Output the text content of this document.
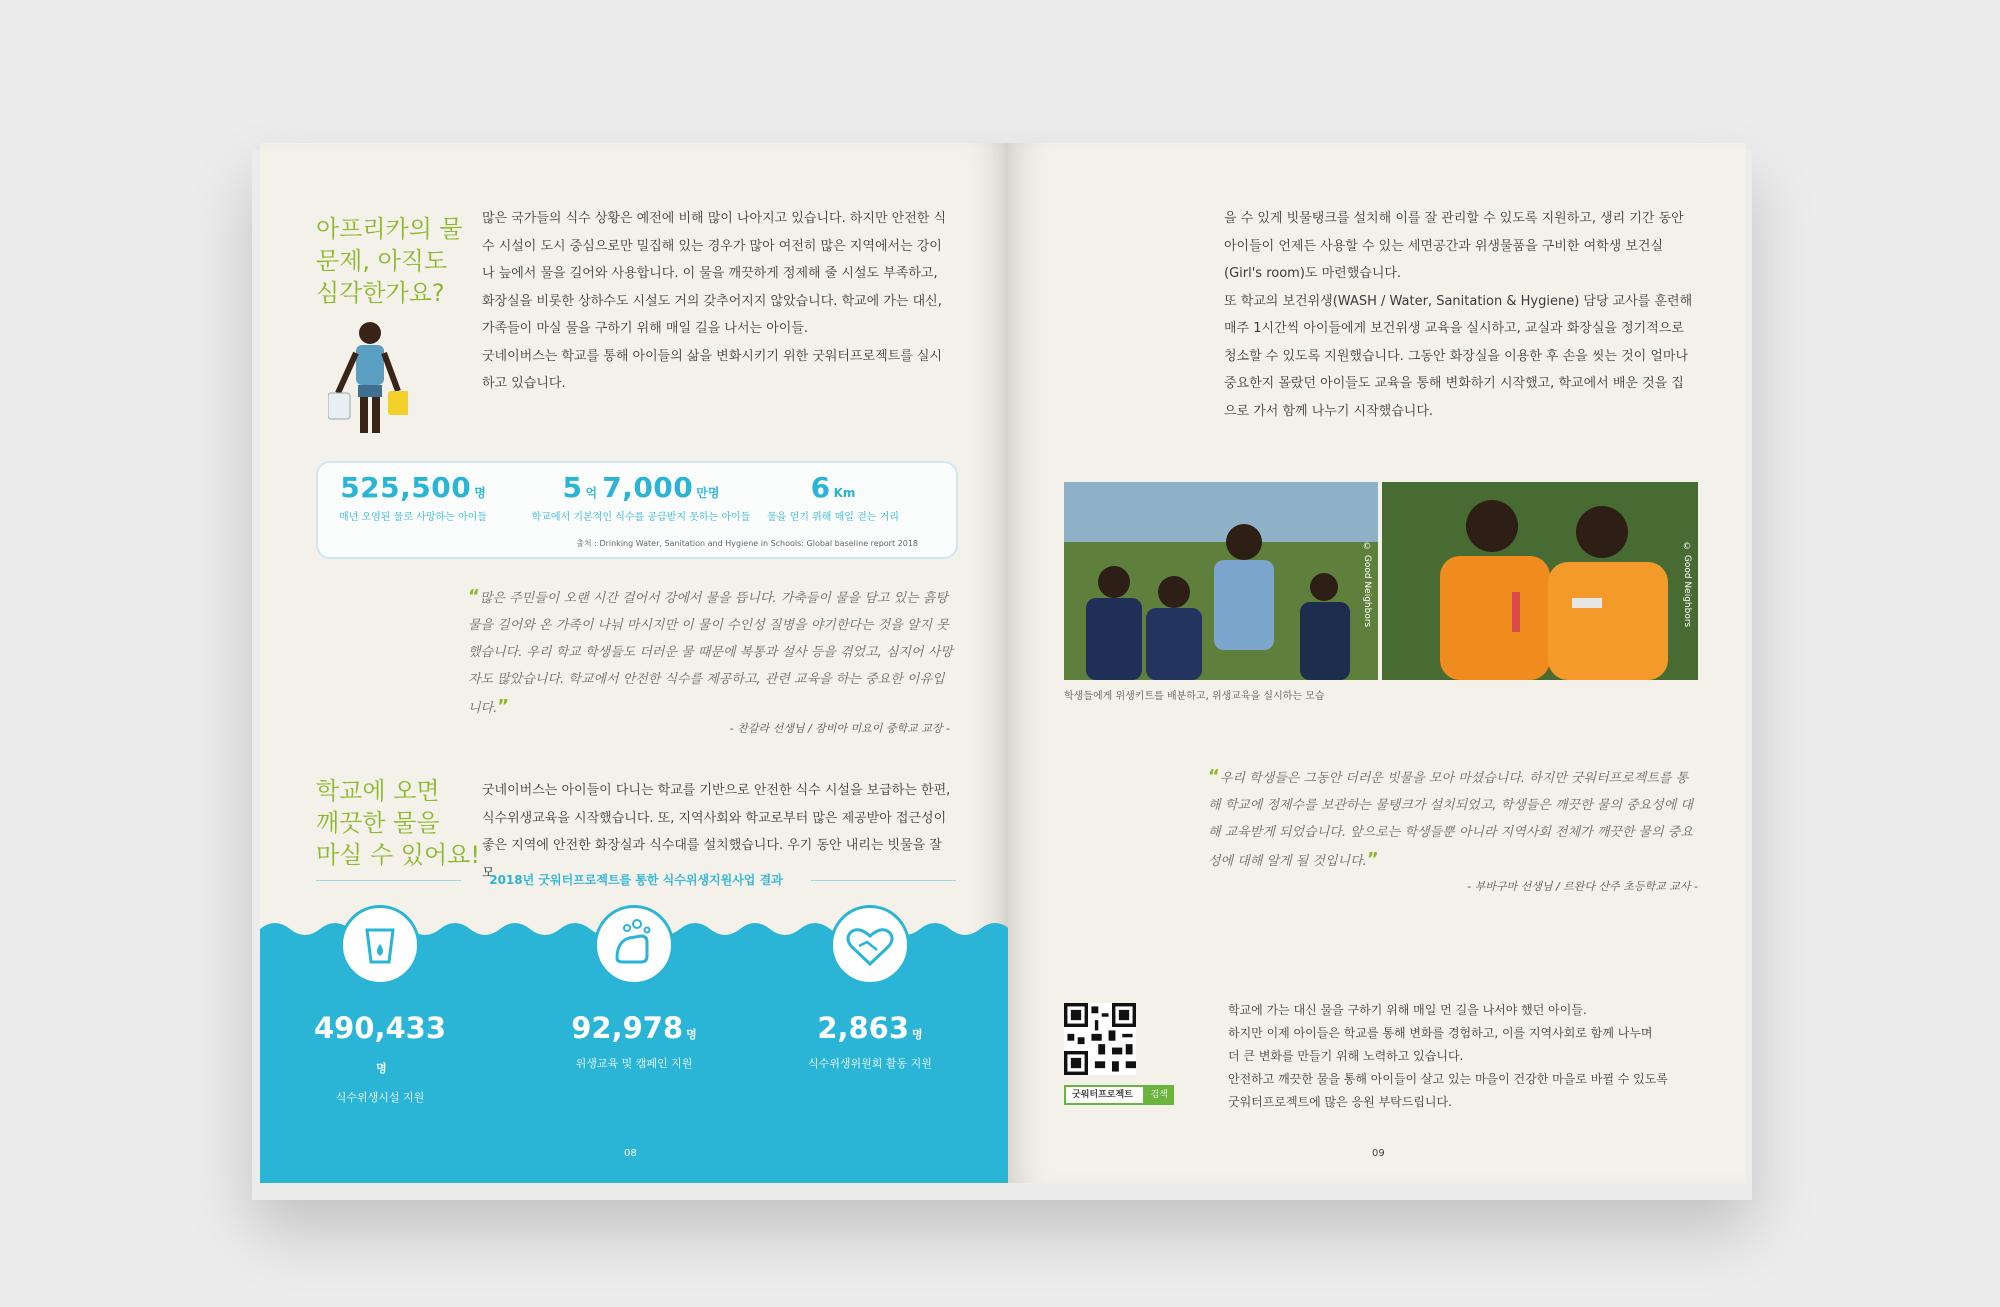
아프리카의 물
문제, 아직도
심각한가요?

많은 국가들의 식수 상황은 예전에 비해 많이 나아지고 있습니다. 하지만 안전한 식수 시설이 도시 중심으로만 밀집해 있는 경우가 많아 여전히 많은 지역에서는 강이나 늪에서 물을 길어와 사용합니다. 이 물을 깨끗하게 정제해 줄 시설도 부족하고, 화장실을 비롯한 상하수도 시설도 거의 갖추어지지 않았습니다. 학교에 가는 대신, 가족들이 마실 물을 구하기 위해 매일 길을 나서는 아이들.

굿네이버스는 학교를 통해 아이들의 삶을 변화시키기 위한 굿워터프로젝트를 실시하고 있습니다.

525,500 명
매년 오염된 물로 사망하는 아이들
5 억 7,000 만명
학교에서 기본적인 식수를 공급받지 못하는 아이들
6 Km
물을 얻기 위해 매일 걷는 거리
출처 : Drinking Water, Sanitation and Hygiene in Schools: Global baseline report 2018

“많은 주민들이 오랜 시간 걸어서 강에서 물을 뜹니다. 가축들이 물을 담고 있는 흙탕물을 길어와 온 가족이 나눠 마시지만 이 물이 수인성 질병을 야기한다는 것을 알지 못했습니다. 우리 학교 학생들도 더러운 물 때문에 복통과 설사 등을 겪었고, 심지어 사망자도 많았습니다. 학교에서 안전한 식수를 제공하고, 관련 교육을 하는 중요한 이유입니다.”

- 찬갈라 선생님 / 잠비아 미요이 중학교 교장 -
학교에 오면
깨끗한 물을
마실 수 있어요!

굿네이버스는 아이들이 다니는 학교를 기반으로 안전한 식수 시설을 보급하는 한편, 식수위생교육을 시작했습니다. 또, 지역사회와 학교로부터 많은 제공받아 접근성이 좋은 지역에 안전한 화장실과 식수대를 설치했습니다. 우기 동안 내리는 빗물을 잘 모

2018년 굿워터프로젝트를 통한 식수위생지원사업 결과
490,433명
식수위생시설 지원
92,978 명
위생교육 및 캠페인 지원
2,863 명
식수위생위원회 활동 지원
08

을 수 있게 빗물탱크를 설치해 이를 잘 관리할 수 있도록 지원하고, 생리 기간 동안 아이들이 언제든 사용할 수 있는 세면공간과 위생물품을 구비한 여학생 보건실(Girl's room)도 마련했습니다.

또 학교의 보건위생(WASH / Water, Sanitation & Hygiene) 담당 교사를 훈련해 매주 1시간씩 아이들에게 보건위생 교육을 실시하고, 교실과 화장실을 정기적으로 청소할 수 있도록 지원했습니다. 그동안 화장실을 이용한 후 손을 씻는 것이 얼마나 중요한지 몰랐던 아이들도 교육을 통해 변화하기 시작했고, 학교에서 배운 것을 집으로 가서 함께 나누기 시작했습니다.

© Good Neighbors	© Good Neighbors
학생들에게 위생키트를 배분하고, 위생교육을 실시하는 모습

“우리 학생들은 그동안 더러운 빗물을 모아 마셨습니다. 하지만 굿워터프로젝트를 통해 학교에 정제수를 보관하는 물탱크가 설치되었고, 학생들은 깨끗한 물의 중요성에 대해 교육받게 되었습니다. 앞으로는 학생들뿐 아니라 지역사회 전체가 깨끗한 물의 중요성에 대해 알게 될 것입니다.”

- 부바구마 선생님 / 르완다 산주 초등학교 교사 -
굿워터프로젝트	검색

학교에 가는 대신 물을 구하기 위해 매일 먼 길을 나서야 했던 아이들.

하지만 이제 아이들은 학교를 통해 변화를 경험하고, 이를 지역사회로 함께 나누며

더 큰 변화를 만들기 위해 노력하고 있습니다.

안전하고 깨끗한 물을 통해 아이들이 살고 있는 마을이 건강한 마을로 바뀔 수 있도록

굿워터프로젝트에 많은 응원 부탁드립니다.

09
